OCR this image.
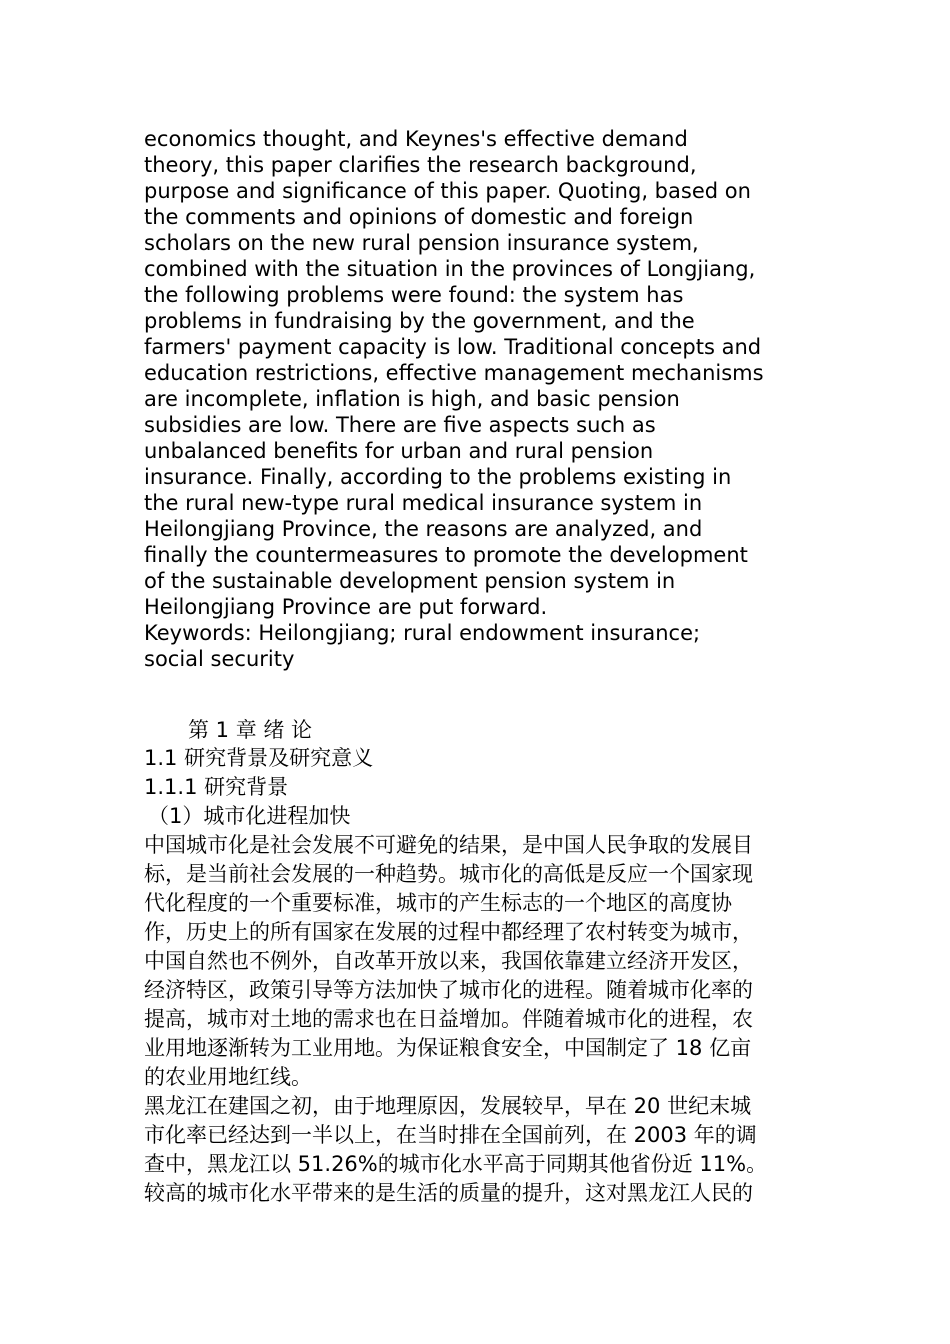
economics thought, and Keynes's effective demand
theory, this paper clarifies the research background,
purpose and significance of this paper. Quoting, based on
the comments and opinions of domestic and foreign
scholars on the new rural pension insurance system,
combined with the situation in the provinces of Longjiang,
the following problems were found: the system has
problems in fundraising by the government, and the
farmers' payment capacity is low. Traditional concepts and
education restrictions, effective management mechanisms
are incomplete, inflation is high, and basic pension
subsidies are low. There are five aspects such as
unbalanced benefits for urban and rural pension
insurance. Finally, according to the problems existing in
the rural new-type rural medical insurance system in
Heilongjiang Province, the reasons are analyzed, and
finally the countermeasures to promote the development
of the sustainable development pension system in
Heilongjiang Province are put forward.

Keywords: Heilongjiang; rural endowment insurance;
social security

第 1 章 绪 论

1.1 研究背景及研究意义

1.1.1 研究背景

（1）城市化进程加快

中国城市化是社会发展不可避免的结果，是中国人民争取的发展目
标，是当前社会发展的一种趋势。城市化的高低是反应一个国家现
代化程度的一个重要标准，城市的产生标志的一个地区的高度协
作，历史上的所有国家在发展的过程中都经理了农村转变为城市，
中国自然也不例外，自改革开放以来，我国依靠建立经济开发区，
经济特区，政策引导等方法加快了城市化的进程。随着城市化率的
提高，城市对土地的需求也在日益增加。伴随着城市化的进程，农
业用地逐渐转为工业用地。为保证粮食安全，中国制定了 18 亿亩
的农业用地红线。

黑龙江在建国之初，由于地理原因，发展较早，早在 20 世纪末城
市化率已经达到一半以上，在当时排在全国前列，在 2003 年的调
查中，黑龙江以 51.26%的城市化水平高于同期其他省份近 11%。
较高的城市化水平带来的是生活的质量的提升，这对黑龙江人民的
